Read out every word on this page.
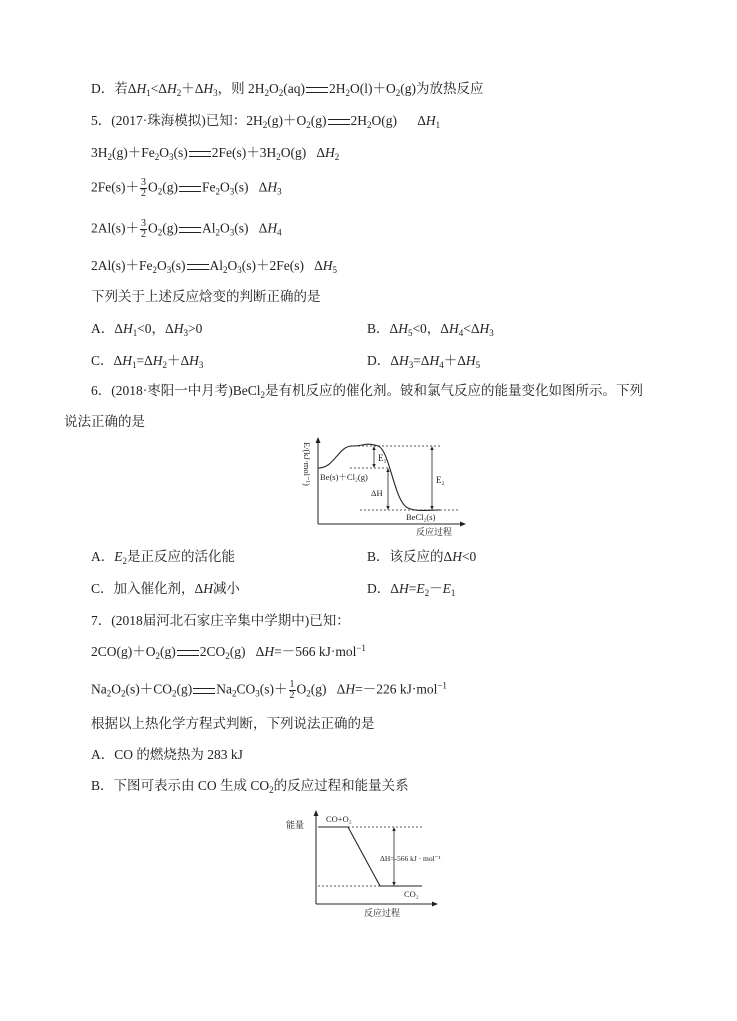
D．若$\Delta H_1<\Delta H_2+\Delta H_3$，则 $2H_2O_2(aq)$ $2H_2O(l)+O_2(g)$为放热反应
5．(2017·珠海模拟)已知：$2H_2(g)+O_2(g)$ $2H_2O(g)$      $\Delta H_1$
$3H_2(g)+Fe_2O_3(s)$ $2Fe(s)+3H_2O(g)$   $\Delta H_2$
$2Fe(s)+ \frac{3}{2} O_2(g)$ $Fe_2O_3(s)$   $\Delta H_3$
$2Al(s)+ \frac{3}{2} O_2(g)$ $Al_2O_3(s)$   $\Delta H_4$
$2Al(s)+Fe_2O_3(s)$ $Al_2O_3(s)+2Fe(s)$   $\Delta H_5$
下列关于上述反应焓变的判断正确的是
A．$\Delta H_1<0$，$\Delta H_3>0$	B．$\Delta H_5<0$，$\Delta H_4<\Delta H_3$
C．$\Delta H_1=\Delta H_2+\Delta H_3$	D．$\Delta H_3=\Delta H_4+\Delta H_5$
6．(2018·枣阳一中月考)BeCl$_2$是有机反应的催化剂。铍和氯气反应的能量变化如图所示。下列
说法正确的是
E/(kJ·mol⁻¹)	E₁
ΔH
E₂
Be(s)＋Cl₂(g)
BeCl₂(s)
反应过程
A．$E_2$是正反应的活化能	B．该反应的ΔH<0
C．加入催化剂，ΔH减小	D．$\Delta H=E_2-E_1$
7．(2018届河北石家庄辛集中学期中)已知：
$2CO(g)+O_2(g)$ $2CO_2(g)$   ΔH=－566 kJ·mol$^{-1}$
$Na_2O_2(s)+CO_2(g)$ $Na_2CO_3(s)+ \frac{1}{2} O_2(g)$   ΔH=－226 kJ·mol$^{-1}$
根据以上热化学方程式判断，下列说法正确的是
A．CO 的燃烧热为 283 kJ
B．下图可表示由 CO 生成 $CO_2$的反应过程和能量关系
能量
ΔH=-566 kJ · mol⁻¹
CO+O₂
CO₂
反应过程
